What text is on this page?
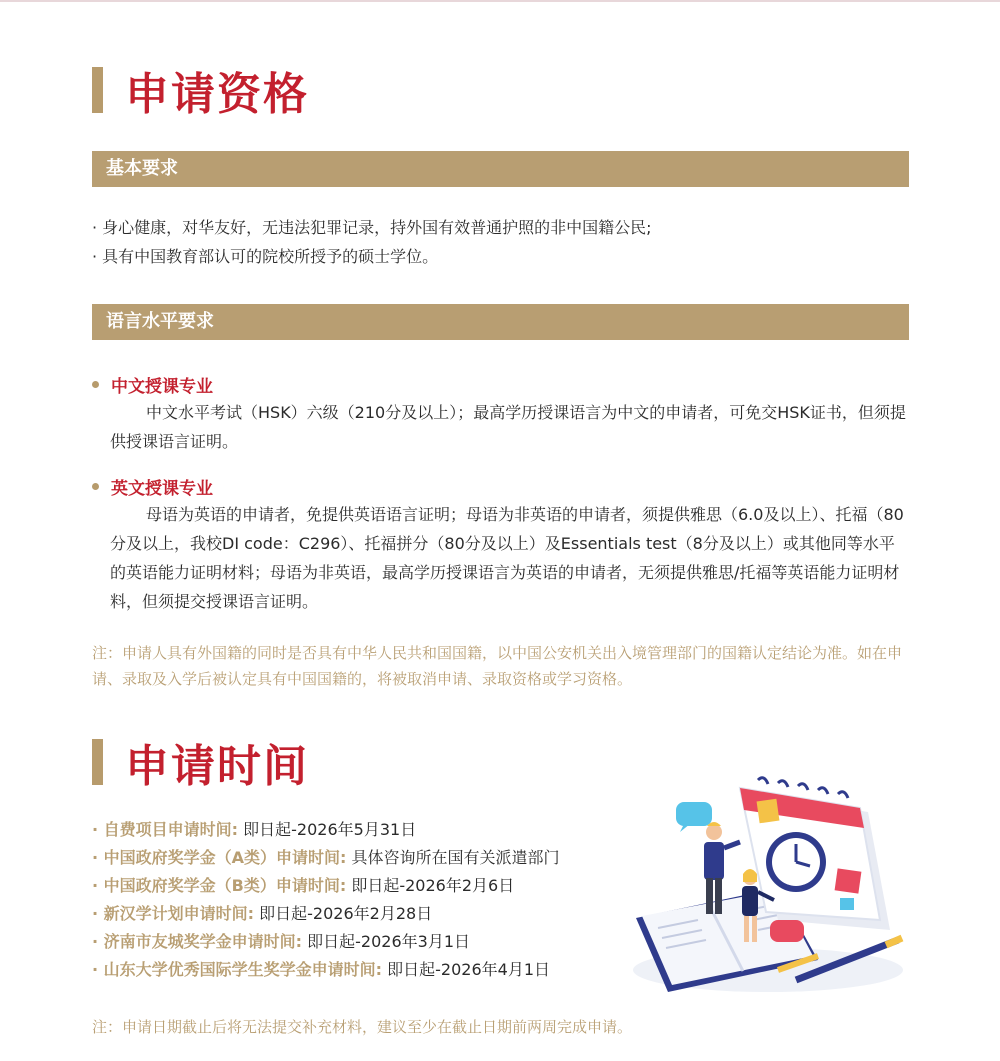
申请资格
基本要求
· 身心健康，对华友好，无违法犯罪记录，持外国有效普通护照的非中国籍公民;
· 具有中国教育部认可的院校所授予的硕士学位。
语言水平要求
中文授课专业
中文水平考试（HSK）六级（210分及以上）；最高学历授课语言为中文的申请者，可免交HSK证书，但须提供授课语言证明。
英文授课专业
母语为英语的申请者，免提供英语语言证明；母语为非英语的申请者，须提供雅思（6.0及以上）、托福（80分及以上，我校DI code：C296）、托福拼分（80分及以上）及Essentials test（8分及以上）或其他同等水平的英语能力证明材料；母语为非英语，最高学历授课语言为英语的申请者，无须提供雅思/托福等英语能力证明材料，但须提交授课语言证明。
注：申请人具有外国籍的同时是否具有中华人民共和国国籍，以中国公安机关出入境管理部门的国籍认定结论为准。如在申请、录取及入学后被认定具有中国国籍的，将被取消申请、录取资格或学习资格。
申请时间
· 自费项目申请时间: 即日起-2026年5月31日
· 中国政府奖学金（A类）申请时间: 具体咨询所在国有关派遣部门
· 中国政府奖学金（B类）申请时间: 即日起-2026年2月6日
· 新汉学计划申请时间: 即日起-2026年2月28日
· 济南市友城奖学金申请时间: 即日起-2026年3月1日
· 山东大学优秀国际学生奖学金申请时间: 即日起-2026年4月1日
注：申请日期截止后将无法提交补充材料，建议至少在截止日期前两周完成申请。
